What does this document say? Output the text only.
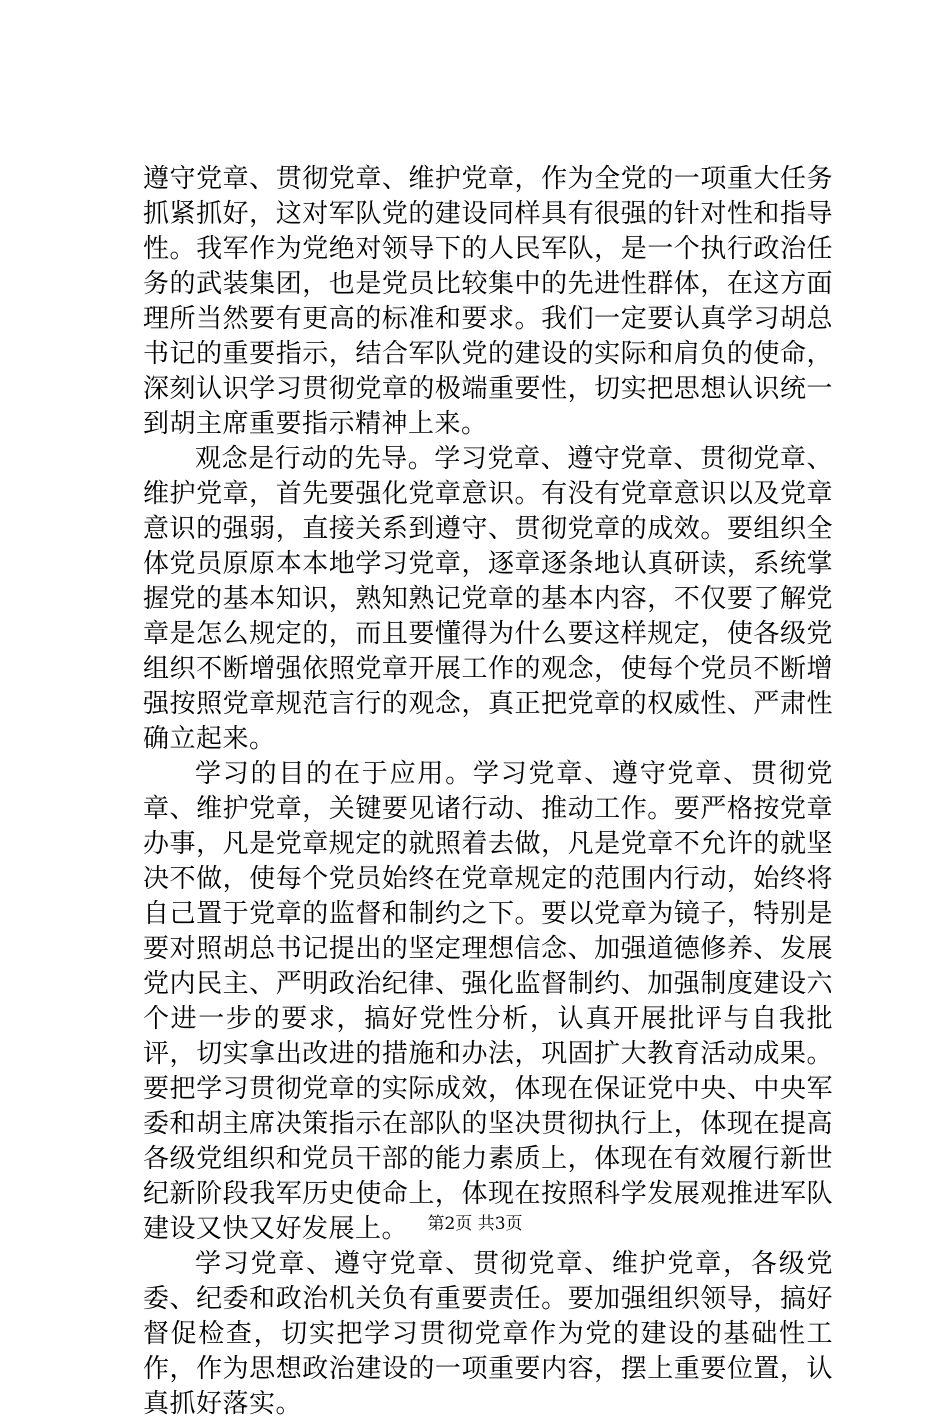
遵守党章、贯彻党章、维护党章，作为全党的一项重大任务抓紧抓好，这对军队党的建设同样具有很强的针对性和指导性。我军作为党绝对领导下的人民军队，是一个执行政治任务的武装集团，也是党员比较集中的先进性群体，在这方面理所当然要有更高的标准和要求。我们一定要认真学习胡总书记的重要指示，结合军队党的建设的实际和肩负的使命，深刻认识学习贯彻党章的极端重要性，切实把思想认识统一到胡主席重要指示精神上来。

观念是行动的先导。学习党章、遵守党章、贯彻党章、维护党章，首先要强化党章意识。有没有党章意识以及党章意识的强弱，直接关系到遵守、贯彻党章的成效。要组织全体党员原原本本地学习党章，逐章逐条地认真研读，系统掌握党的基本知识，熟知熟记党章的基本内容，不仅要了解党章是怎么规定的，而且要懂得为什么要这样规定，使各级党组织不断增强依照党章开展工作的观念，使每个党员不断增强按照党章规范言行的观念，真正把党章的权威性、严肃性确立起来。

学习的目的在于应用。学习党章、遵守党章、贯彻党章、维护党章，关键要见诸行动、推动工作。要严格按党章办事，凡是党章规定的就照着去做，凡是党章不允许的就坚决不做，使每个党员始终在党章规定的范围内行动，始终将自己置于党章的监督和制约之下。要以党章为镜子，特别是要对照胡总书记提出的坚定理想信念、加强道德修养、发展党内民主、严明政治纪律、强化监督制约、加强制度建设六个进一步的要求，搞好党性分析，认真开展批评与自我批评，切实拿出改进的措施和办法，巩固扩大教育活动成果。要把学习贯彻党章的实际成效，体现在保证党中央、中央军委和胡主席决策指示在部队的坚决贯彻执行上，体现在提高各级党组织和党员干部的能力素质上，体现在有效履行新世纪新阶段我军历史使命上，体现在按照科学发展观推进军队建设又快又好发展上。

学习党章、遵守党章、贯彻党章、维护党章，各级党委、纪委和政治机关负有重要责任。要加强组织领导，搞好督促检查，切实把学习贯彻党章作为党的建设的基础性工作，作为思想政治建设的一项重要内容，摆上重要位置，认真抓好落实。

第2页 共3页
